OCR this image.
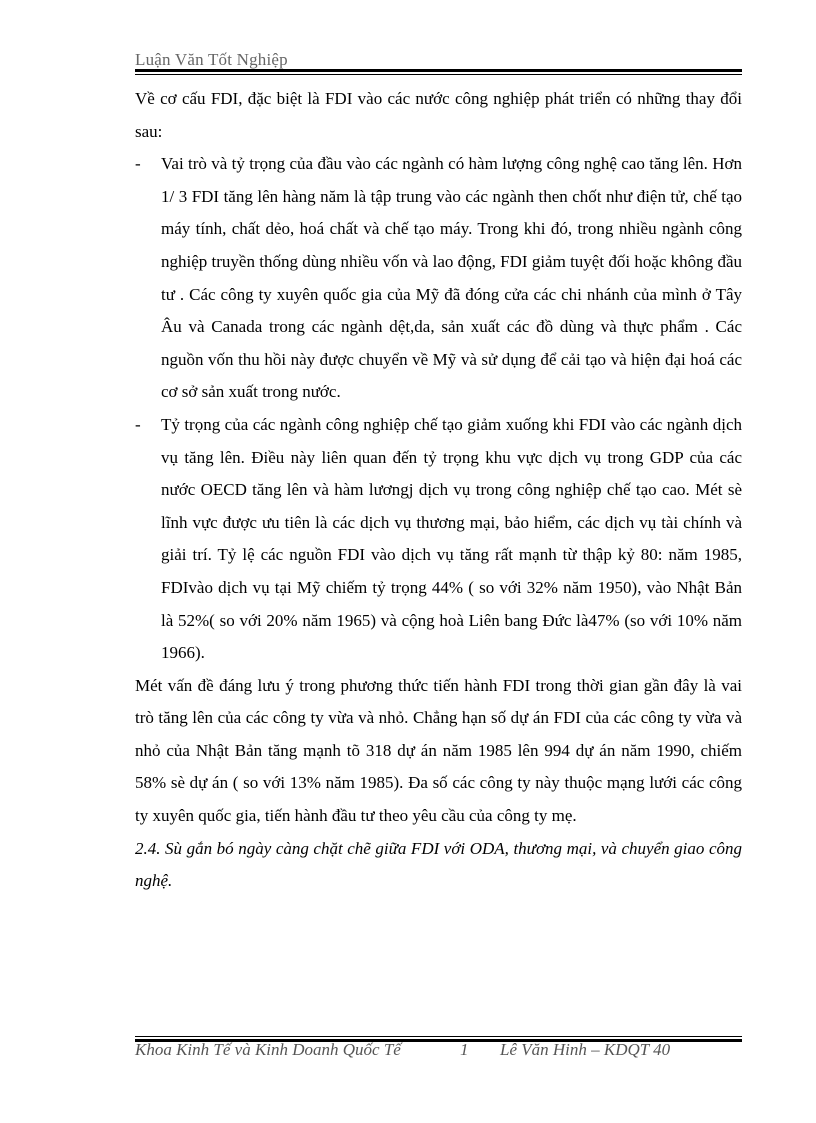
Luận Văn Tốt Nghiệp

Về cơ cấu FDI, đặc biệt là FDI vào các nước công nghiệp phát triển có những thay đổi sau:

- Vai trò và tỷ trọng của đầu vào các ngành có hàm lượng công nghệ cao tăng lên. Hơn 1/ 3 FDI tăng lên hàng năm là tập trung vào các ngành then chốt như điện tử, chế tạo máy tính, chất dẻo, hoá chất và chế tạo máy. Trong khi đó, trong nhiều ngành công nghiệp truyền thống dùng nhiều vốn và lao động, FDI giảm tuyệt đối hoặc không đầu tư . Các công ty xuyên quốc gia của Mỹ đã đóng cửa các chi nhánh của mình ở Tây Âu và Canada trong các ngành dệt,da, sản xuất các đồ dùng và thực phẩm . Các nguồn vốn thu hồi này được chuyển về Mỹ và sử dụng để cải tạo và hiện đại hoá các cơ sở sản xuất trong nước.

- Tỷ trọng của các ngành công nghiệp chế tạo giảm xuống khi FDI vào các ngành dịch vụ tăng lên. Điều này liên quan đến tỷ trọng khu vực dịch vụ trong GDP của các nước OECD tăng lên và hàm lươngj dịch vụ trong công nghiệp chế tạo cao. Mét sè lĩnh vực được ưu tiên là các dịch vụ thương mại, bảo hiểm, các dịch vụ tài chính và giải trí. Tỷ lệ các nguồn FDI vào dịch vụ tăng rất mạnh từ thập kỷ 80: năm 1985, FDIvào dịch vụ tại Mỹ chiếm tỷ trọng 44% ( so với 32% năm 1950), vào Nhật Bản là 52%( so với 20% năm 1965) và cộng hoà Liên bang Đức là47% (so với 10% năm 1966).

Mét vấn đề đáng lưu ý trong phương thức tiến hành FDI trong thời gian gần đây là vai trò tăng lên của các công ty vừa và nhỏ. Chẳng hạn số dự án FDI của các công ty vừa và nhỏ của Nhật Bản tăng mạnh tõ 318 dự án năm 1985 lên 994 dự án năm 1990, chiếm 58% sè dự án ( so với 13% năm 1985). Đa số các công ty này thuộc mạng lưới các công ty xuyên quốc gia, tiến hành đầu tư theo yêu cầu của công ty mẹ.

2.4. Sù gắn bó ngày càng chặt chẽ giữa FDI với ODA, thương mại, và chuyển giao công nghệ.

Khoa Kinh Tế và Kinh Doanh Quốc Tế	1 Lê Văn Hinh – KDQT 40
